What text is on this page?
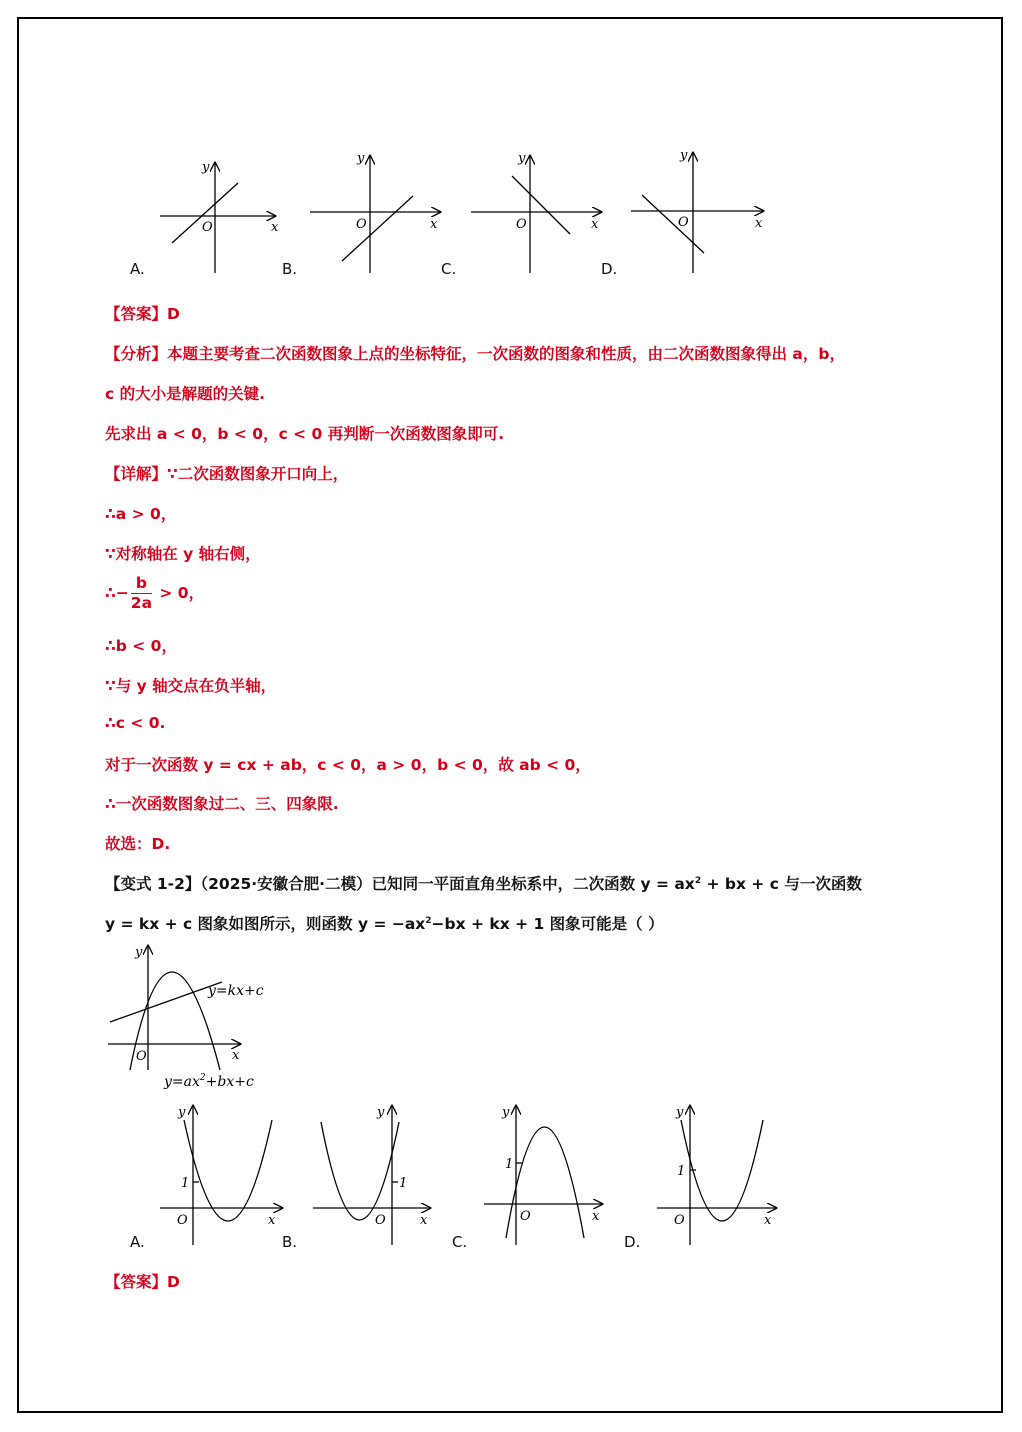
y
x
O
A.
y
x
O
B.
y
x
O
C.
y
x
O
D.
【答案】D
【分析】本题主要考查二次函数图象上点的坐标特征，一次函数的图象和性质，由二次函数图象得出 a，b，
c 的大小是解题的关键.
先求出 a < 0，b < 0，c < 0 再判断一次函数图象即可.
【详解】∵二次函数图象开口向上，
∴a > 0，
∵对称轴在 y 轴右侧，
∴− $\frac{b}{2a} > 0$，
∴b < 0，
∵与 y 轴交点在负半轴，
∴c < 0.
对于一次函数 y = cx + ab，c < 0，a > 0，b < 0，故 ab < 0，
∴一次函数图象过二、三、四象限.
故选：D.
【变式 1-2】（2025·安徽合肥·二模）已知同一平面直角坐标系中，二次函数 $y = ax^2$ + bx + c 与一次函数
y = kx + c 图象如图所示，则函数 $y = -ax^2-bx$ + kx + 1 图象可能是（ ）
y
x
O
y=kx+c
$y=ax^2+bx+c$
y
x
O
1
A.
y
x
O
1
B.
y
x
O
1
C.
y
x
O
1
D.
【答案】D
